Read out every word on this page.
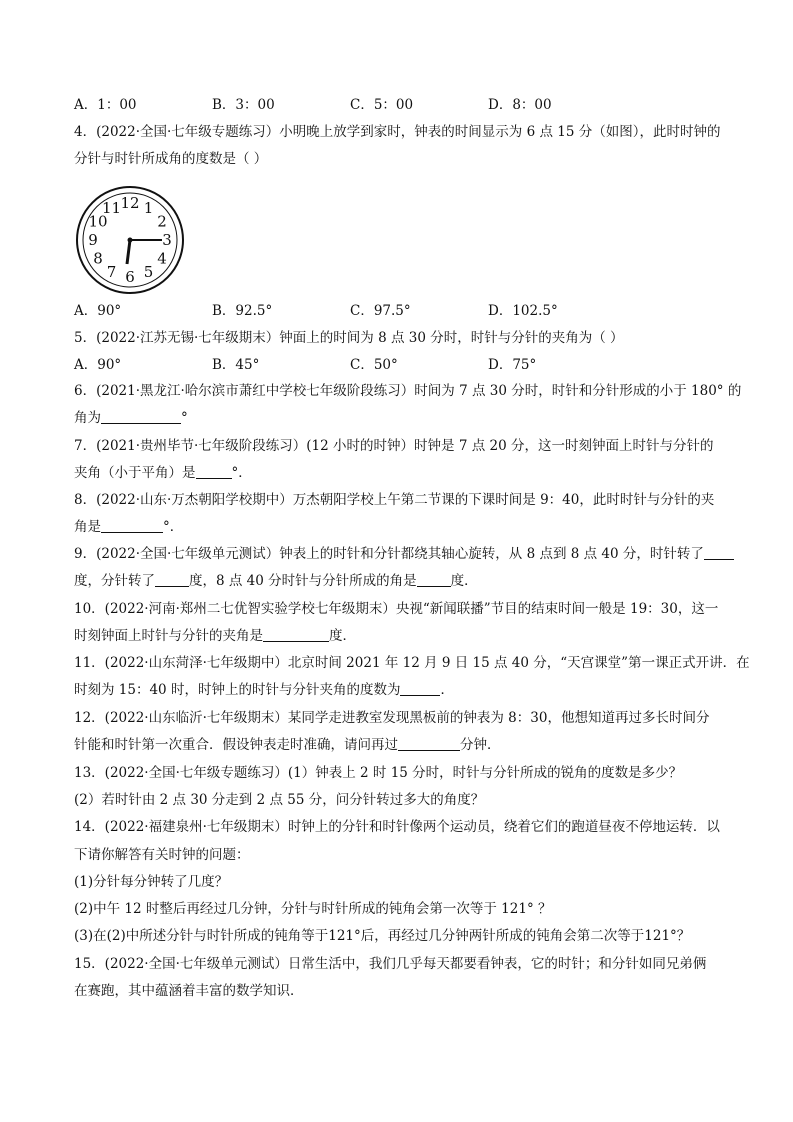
A．1：00	B．3：00	C．5：00	D．8：00
4．(2022·全国·七年级专题练习）小明晚上放学到家时，钟表的时间显示为 6 点 15 分（如图），此时时钟的
分针与时针所成角的度数是（ ）
12 1
2
3
4
5
6
7
8
9
10
11
A．90°	B．92.5°	C．97.5°	D．102.5°
5．(2022·江苏无锡·七年级期末）钟面上的时间为 8 点 30 分时，时针与分针的夹角为（ ）
A．90°	B．45°	C．50°	D．75°
6．(2021·黑龙江·哈尔滨市萧红中学校七年级阶段练习）时间为 7 点 30 分时，时针和分针形成的小于 180° 的
角为	°
7．(2021·贵州毕节·七年级阶段练习）(12 小时的时钟）时钟是 7 点 20 分，这一时刻钟面上时针与分针的
夹角（小于平角）是	°．
8．(2022·山东·万杰朝阳学校期中）万杰朝阳学校上午第二节课的下课时间是 9：40，此时时针与分针的夹
角是	°．
9．(2022·全国·七年级单元测试）钟表上的时针和分针都绕其轴心旋转，从 8 点到 8 点 40 分，时针转了
度，分针转了	度，8 点 40 分时针与分针所成的角是	度．
10．(2022·河南·郑州二七优智实验学校七年级期末）央视“新闻联播”节目的结束时间一般是 19：30，这一
时刻钟面上时针与分针的夹角是	度．
11．(2022·山东菏泽·七年级期中）北京时间 2021 年 12 月 9 日 15 点 40 分，“天宫课堂”第一课正式开讲．在
时刻为 15：40 时，时钟上的时针与分针夹角的度数为	．
12．(2022·山东临沂·七年级期末）某同学走进教室发现黑板前的钟表为 8：30，他想知道再过多长时间分
针能和时针第一次重合．假设钟表走时准确，请问再过	分钟．
13．(2022·全国·七年级专题练习）(1）钟表上 2 时 15 分时，时针与分针所成的锐角的度数是多少？
(2）若时针由 2 点 30 分走到 2 点 55 分，问分针转过多大的角度？
14．(2022·福建泉州·七年级期末）时钟上的分针和时针像两个运动员，绕着它们的跑道昼夜不停地运转．以
下请你解答有关时钟的问题：
(1)分针每分钟转了几度？
(2)中午 12 时整后再经过几分钟，分针与时针所成的钝角会第一次等于 121° ？
(3)在(2)中所述分针与时针所成的钝角等于121°后，再经过几分钟两针所成的钝角会第二次等于121°？
15．(2022·全国·七年级单元测试）日常生活中，我们几乎每天都要看钟表，它的时针；和分针如同兄弟俩
在赛跑，其中蕴涵着丰富的数学知识．
